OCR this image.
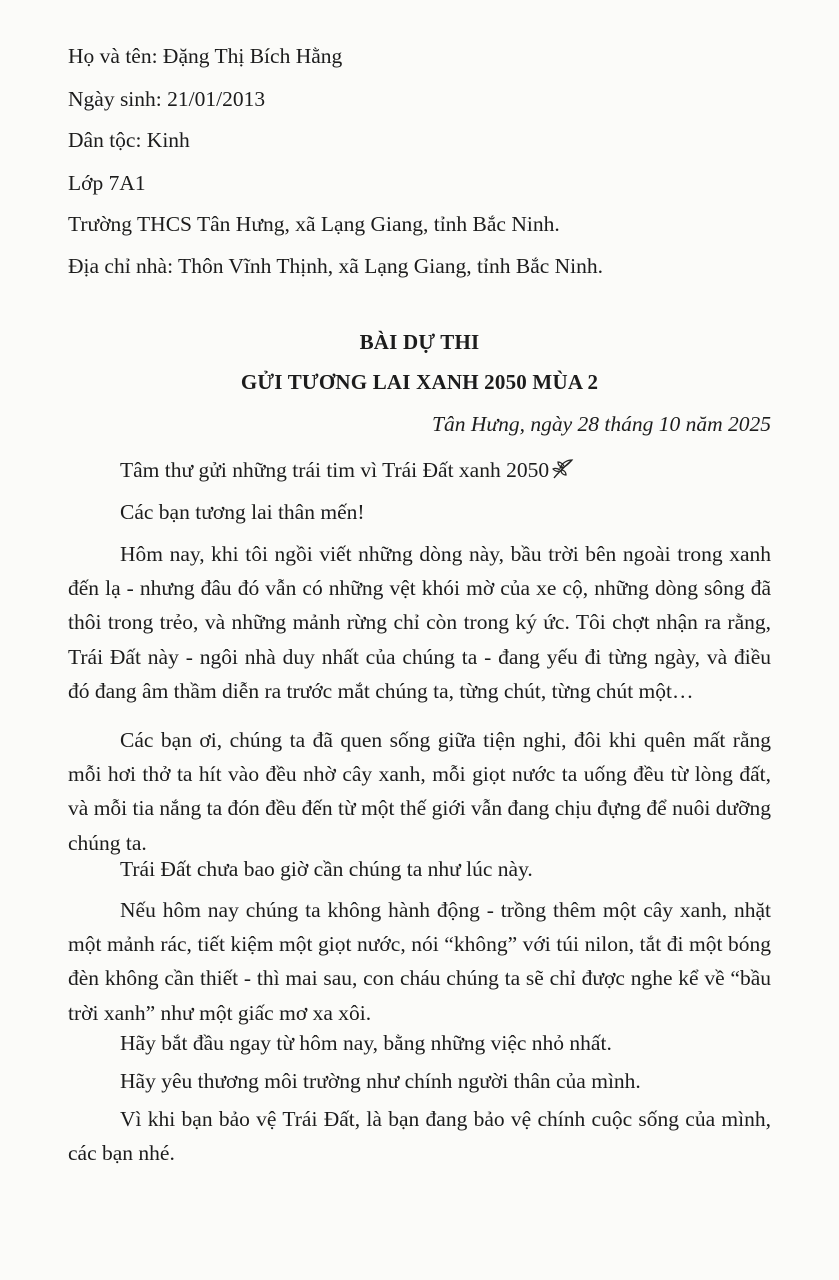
Họ và tên: Đặng Thị Bích Hằng
Ngày sinh: 21/01/2013
Dân tộc: Kinh
Lớp 7A1
Trường THCS Tân Hưng, xã Lạng Giang, tỉnh Bắc Ninh.
Địa chỉ nhà: Thôn Vĩnh Thịnh, xã Lạng Giang, tỉnh Bắc Ninh.
BÀI DỰ THI
GỬI TƯƠNG LAI XANH 2050 MÙA 2
Tân Hưng, ngày 28 tháng 10 năm 2025
Tâm thư gửi những trái tim vì Trái Đất xanh 2050
Các bạn tương lai thân mến!
Hôm nay, khi tôi ngồi viết những dòng này, bầu trời bên ngoài trong xanh đến lạ - nhưng đâu đó vẫn có những vệt khói mờ của xe cộ, những dòng sông đã thôi trong trẻo, và những mảnh rừng chỉ còn trong ký ức. Tôi chợt nhận ra rằng, Trái Đất này - ngôi nhà duy nhất của chúng ta - đang yếu đi từng ngày, và điều đó đang âm thầm diễn ra trước mắt chúng ta, từng chút, từng chút một…
Các bạn ơi, chúng ta đã quen sống giữa tiện nghi, đôi khi quên mất rằng mỗi hơi thở ta hít vào đều nhờ cây xanh, mỗi giọt nước ta uống đều từ lòng đất, và mỗi tia nắng ta đón đều đến từ một thế giới vẫn đang chịu đựng để nuôi dưỡng chúng ta.
Trái Đất chưa bao giờ cần chúng ta như lúc này.
Nếu hôm nay chúng ta không hành động - trồng thêm một cây xanh, nhặt một mảnh rác, tiết kiệm một giọt nước, nói “không” với túi nilon, tắt đi một bóng đèn không cần thiết - thì mai sau, con cháu chúng ta sẽ chỉ được nghe kể về “bầu trời xanh” như một giấc mơ xa xôi.
Hãy bắt đầu ngay từ hôm nay, bằng những việc nhỏ nhất.
Hãy yêu thương môi trường như chính người thân của mình.
Vì khi bạn bảo vệ Trái Đất, là bạn đang bảo vệ chính cuộc sống của mình, các bạn nhé.
